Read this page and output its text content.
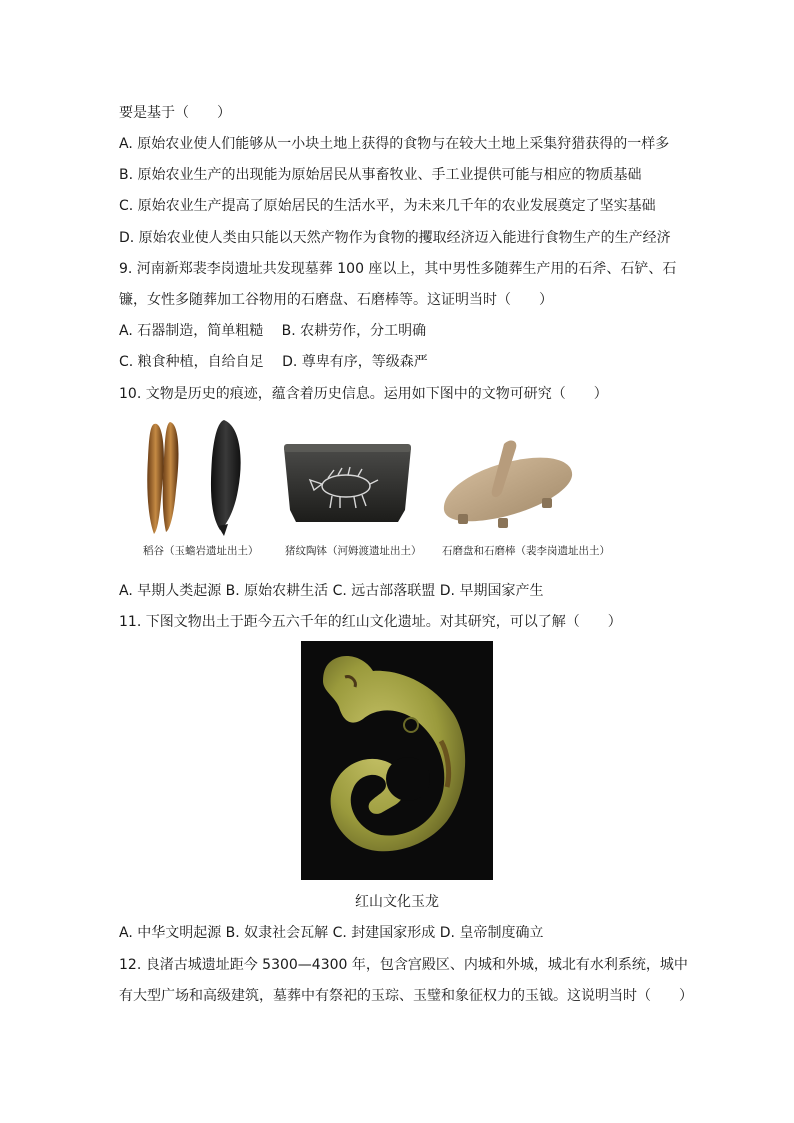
要是基于（　　）
A. 原始农业使人们能够从一小块土地上获得的食物与在较大土地上采集狩猎获得的一样多
B. 原始农业生产的出现能为原始居民从事畜牧业、手工业提供可能与相应的物质基础
C. 原始农业生产提高了原始居民的生活水平，为未来几千年的农业发展奠定了坚实基础
D. 原始农业使人类由只能以天然产物作为食物的攫取经济迈入能进行食物生产的生产经济
9. 河南新郑裴李岗遗址共发现墓葬 100 座以上，其中男性多随葬生产用的石斧、石铲、石
镰，女性多随葬加工谷物用的石磨盘、石磨棒等。这证明当时（　　）
A. 石器制造，简单粗糙　 B. 农耕劳作，分工明确
C. 粮食种植，自给自足　 D. 尊卑有序，等级森严
10. 文物是历史的痕迹，蕴含着历史信息。运用如下图中的文物可研究（　　）
稻谷（玉蟾岩遗址出土）	猪纹陶钵（河姆渡遗址出土） 石磨盘和石磨棒（裴李岗遗址出土）
A. 早期人类起源 B. 原始农耕生活 C. 远古部落联盟 D. 早期国家产生
11. 下图文物出土于距今五六千年的红山文化遗址。对其研究，可以了解（　　）
红山文化玉龙
A. 中华文明起源 B. 奴隶社会瓦解 C. 封建国家形成 D. 皇帝制度确立
12. 良渚古城遗址距今 5300—4300 年，包含宫殿区、内城和外城，城北有水利系统，城中
有大型广场和高级建筑，墓葬中有祭祀的玉琮、玉璧和象征权力的玉钺。这说明当时（　　）
